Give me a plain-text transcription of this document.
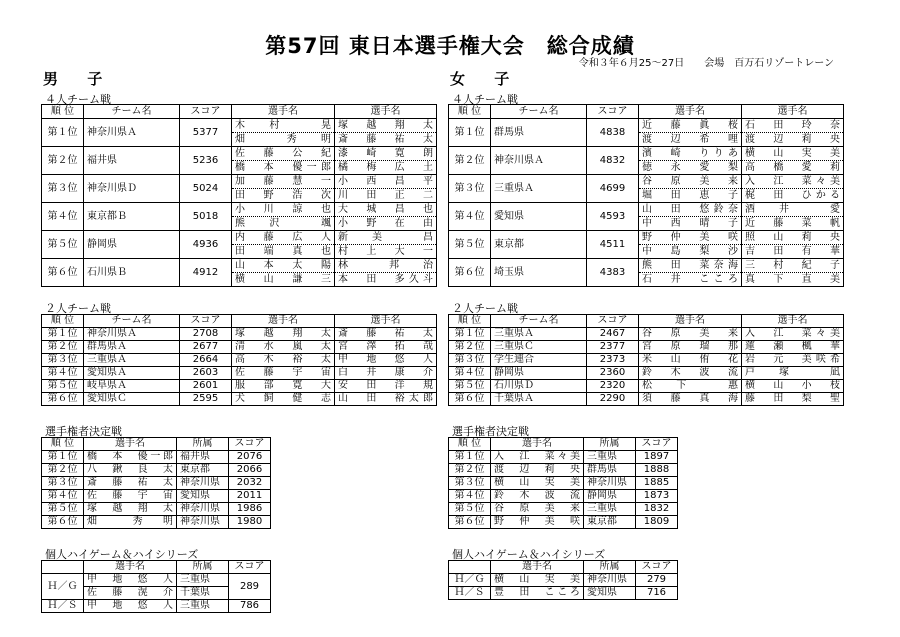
第57回 東日本選手権大会　総合成績
令和３年６月25～27日　　会場　百万石リゾートレーン
男 子
４人チーム戦
順 位	チーム名	スコア	選手名	選手名
第１位	神奈川県Ａ	5377	木　村　　晃	塚　越　翔　太
			畑　　秀　明	斎　藤　祐　太
第２位	福井県	5236	佐　藤　公　紀	漆　崎　寛　朗
			橋　本　優一郎	橘　梅　広　土
第３位	神奈川県Ｄ	5024	加　藤　慧　一	小　西　昌　平
			田　野　浩　次	川　田　正　二
第４位	東京都Ｂ	5018	小　川　諒　也	大　城　昌　也
			熊　沢　　颯	小　野　在　由
第５位	静岡県	4936	内　藤　広　人	新　美　　昌
			田　端　真　也	村　上　大　一
第６位	石川県Ｂ	4912	山　本　太　陽	林　　邦　治
			横　山　謙　三	本　田　多久斗
２人チーム戦
順 位	チーム名	スコア	選手名	選手名
第１位	神奈川県Ａ	2708	塚　越　翔　太	斎　藤　祐　太
第２位	群馬県Ａ	2677	清　水　嵐　太	宮　澤　拓　哉
第３位	三重県Ａ	2664	高　木　裕　太	甲　地　悠　人
第４位	愛知県Ａ	2603	佐　藤　宇　宙	白　井　康　介
第５位	岐阜県Ａ	2601	服　部　寛　大	安　田　洋　規
第６位	愛知県Ｃ	2595	犬　飼　健　志	山　田　裕太郎
選手権者決定戦
順 位	選手名	所属	スコア
第１位	橋　本　優一郎	福井県	2076
第２位	八　鍬　良　太	東京都	2066
第３位	斎　藤　祐　太	神奈川県	2032
第４位	佐　藤　宇　宙	愛知県	2011
第５位	塚　越　翔　太	神奈川県	1986
第６位	畑　　秀　明	神奈川県	1980
個人ハイゲーム＆ハイシリーズ
	選手名	所属	スコア
Ｈ／Ｇ	甲　地　悠　人	三重県	289
	佐　藤　滉　介	千葉県	
Ｈ／Ｓ	甲　地　悠　人	三重県	786
女 子
４人チーム戦
順 位	チーム名	スコア	選手名	選手名
第１位	群馬県	4838	近　藤　眞　桜	石　田　玲　奈
			渡　辺　希　哩	渡　辺　莉　央
第２位	神奈川県Ａ	4832	濱　崎　りりあ	横　山　実　美
			徳　永　愛　梨	高　橋　愛　莉
第３位	三重県Ａ	4699	谷　原　美　来	入　江　菜々美
			堀　田　恵　子	梶　田　ひかる
第４位	愛知県	4593	山　田　悠鈴奈	酒　井　　愛
			中　西　晴　子	近　藤　菜　帆
第５位	東京都	4511	野　仲　美　咲	照　山　莉　央
			中　島　梨　沙	吉　田　有　華
第６位	埼玉県	4383	熊　田　菜奈海	三　村　紀　子
			石　井　こころ	真　下　直　美
２人チーム戦
順 位	チーム名	スコア	選手名	選手名
第１位	三重県Ａ	2467	谷　原　美　来	入　江　菜々美
第２位	三重県Ｃ	2377	宮　原　瑠　那	蓮　瀬　楓　華
第３位	学生連合	2373	米　山　侑　花	岩　元　美咲希
第４位	静岡県	2360	鈴　木　波　流	戸　塚　　凪
第５位	石川県Ｄ	2320	松　下　　惠	横　山　小　枝
第６位	千葉県Ａ	2290	須　藤　真　海	藤　田　梨　聖
選手権者決定戦
順 位	選手名	所属	スコア
第１位	入　江　菜々美	三重県	1897
第２位	渡　辺　莉　央	群馬県	1888
第３位	横　山　実　美	神奈川県	1885
第４位	鈴　木　波　流	静岡県	1873
第５位	谷　原　美　来	三重県	1832
第６位	野　仲　美　咲	東京都	1809
個人ハイゲーム＆ハイシリーズ
	選手名	所属	スコア
Ｈ／Ｇ	横　山　実　美	神奈川県	279
Ｈ／Ｓ	豊　田　こころ	愛知県	716
